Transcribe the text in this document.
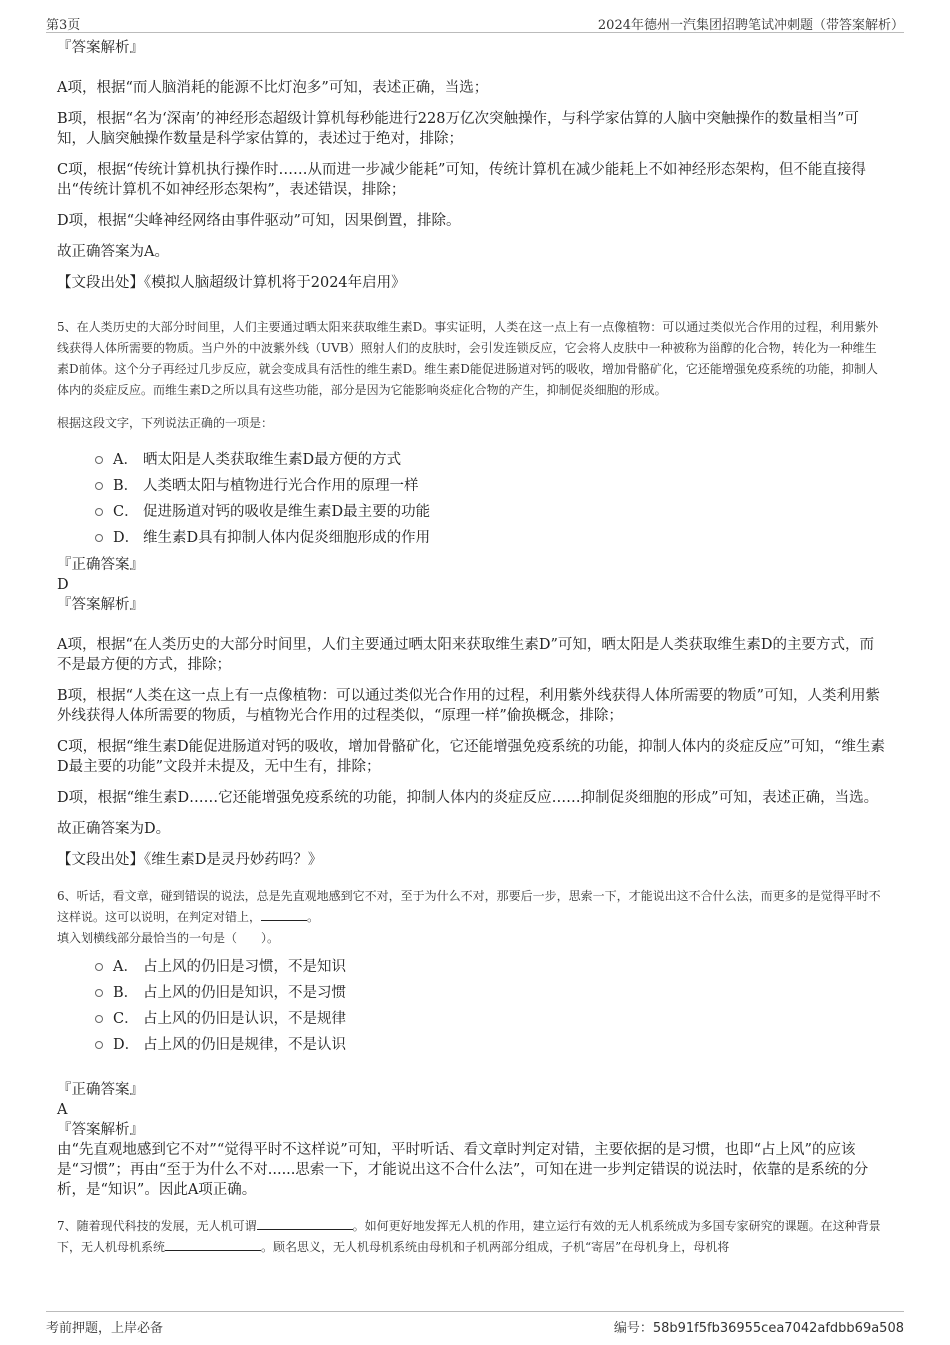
第3页	2024年德州一汽集团招聘笔试冲刺题（带答案解析）

『答案解析』

A项，根据“而人脑消耗的能源不比灯泡多”可知，表述正确，当选；

B项，根据“名为‘深南’的神经形态超级计算机每秒能进行228万亿次突触操作，与科学家估算的人脑中突触操作的数量相当”可知，人脑突触操作数量是科学家估算的，表述过于绝对，排除；

C项，根据“传统计算机执行操作时……从而进一步减少能耗”可知，传统计算机在减少能耗上不如神经形态架构，但不能直接得出“传统计算机不如神经形态架构”，表述错误，排除；

D项，根据“尖峰神经网络由事件驱动”可知，因果倒置，排除。

故正确答案为A。

【文段出处】《模拟人脑超级计算机将于2024年启用》

5、在人类历史的大部分时间里，人们主要通过晒太阳来获取维生素D。事实证明，人类在这一点上有一点像植物：可以通过类似光合作用的过程，利用紫外线获得人体所需要的物质。当户外的中波紫外线（UVB）照射人们的皮肤时，会引发连锁反应，它会将人皮肤中一种被称为甾醇的化合物，转化为一种维生素D前体。这个分子再经过几步反应，就会变成具有活性的维生素D。维生素D能促进肠道对钙的吸收，增加骨骼矿化，它还能增强免疫系统的功能，抑制人体内的炎症反应。而维生素D之所以具有这些功能，部分是因为它能影响炎症化合物的产生，抑制促炎细胞的形成。

根据这段文字，下列说法正确的一项是：

A． 晒太阳是人类获取维生素D最方便的方式
B． 人类晒太阳与植物进行光合作用的原理一样
C． 促进肠道对钙的吸收是维生素D最主要的功能
D． 维生素D具有抑制人体内促炎细胞形成的作用

『正确答案』

D

『答案解析』

A项，根据“在人类历史的大部分时间里，人们主要通过晒太阳来获取维生素D”可知，晒太阳是人类获取维生素D的主要方式，而不是最方便的方式，排除；

B项，根据“人类在这一点上有一点像植物：可以通过类似光合作用的过程，利用紫外线获得人体所需要的物质”可知，人类利用紫外线获得人体所需要的物质，与植物光合作用的过程类似，“原理一样”偷换概念，排除；

C项，根据“维生素D能促进肠道对钙的吸收，增加骨骼矿化，它还能增强免疫系统的功能，抑制人体内的炎症反应”可知，“维生素D最主要的功能”文段并未提及，无中生有，排除；

D项，根据“维生素D……它还能增强免疫系统的功能，抑制人体内的炎症反应……抑制促炎细胞的形成”可知，表述正确，当选。

故正确答案为D。

【文段出处】《维生素D是灵丹妙药吗？》

6、听话，看文章，碰到错误的说法，总是先直观地感到它不对，至于为什么不对，那要后一步，思索一下，才能说出这不合什么法，而更多的是觉得平时不这样说。这可以说明，在判定对错上，	。

填入划横线部分最恰当的一句是（　　）。

A． 占上风的仍旧是习惯，不是知识
B． 占上风的仍旧是知识，不是习惯
C． 占上风的仍旧是认识，不是规律
D． 占上风的仍旧是规律，不是认识

『正确答案』

A

『答案解析』

由“先直观地感到它不对”“觉得平时不这样说”可知，平时听话、看文章时判定对错，主要依据的是习惯，也即“占上风”的应该是“习惯”；再由“至于为什么不对......思索一下，才能说出这不合什么法”，可知在进一步判定错误的说法时，依靠的是系统的分析，是“知识”。因此A项正确。

7、随着现代科技的发展，无人机可谓	。如何更好地发挥无人机的作用，建立运行有效的无人机系统成为多国专家研究的课题。在这种背景下，无人机母机系统	。顾名思义，无人机母机系统由母机和子机两部分组成，子机“寄居”在母机身上，母机将

考前押题，上岸必备	编号：58b91f5fb36955cea7042afdbb69a508
